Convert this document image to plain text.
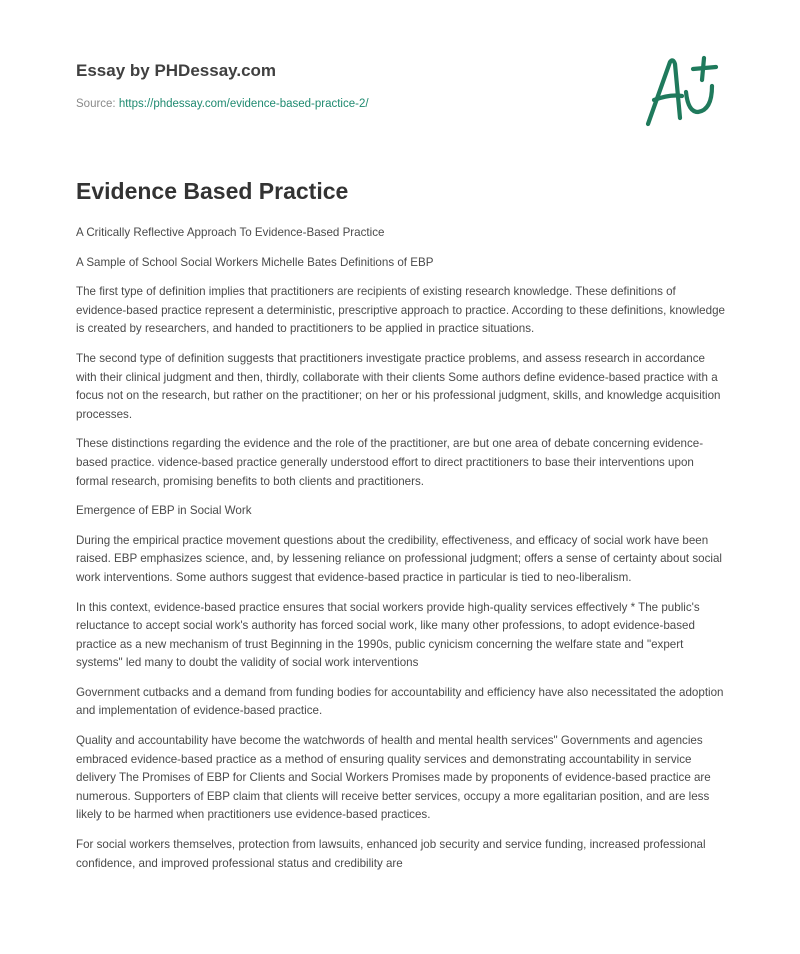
Essay by PHDessay.com
Source: https://phdessay.com/evidence-based-practice-2/
Evidence Based Practice

A Critically Reflective Approach To Evidence-Based Practice

A Sample of School Social Workers Michelle Bates Definitions of EBP

The first type of definition implies that practitioners are recipients of existing research knowledge. These definitions of evidence-based practice represent a deterministic, prescriptive approach to practice. According to these definitions, knowledge is created by researchers, and handed to practitioners to be applied in practice situations.

The second type of definition suggests that practitioners investigate practice problems, and assess research in accordance with their clinical judgment and then, thirdly, collaborate with their clients Some authors define evidence-based practice with a focus not on the research, but rather on the practitioner; on her or his professional judgment, skills, and knowledge acquisition processes.

These distinctions regarding the evidence and the role of the practitioner, are but one area of debate concerning evidence-based practice. vidence-based practice generally understood effort to direct practitioners to base their interventions upon formal research, promising benefits to both clients and practitioners.

Emergence of EBP in Social Work

During the empirical practice movement questions about the credibility, effectiveness, and efficacy of social work have been raised. EBP emphasizes science, and, by lessening reliance on professional judgment; offers a sense of certainty about social work interventions. Some authors suggest that evidence-based practice in particular is tied to neo-liberalism.

In this context, evidence-based practice ensures that social workers provide high-quality services effectively * The public's reluctance to accept social work's authority has forced social work, like many other professions, to adopt evidence-based practice as a new mechanism of trust Beginning in the 1990s, public cynicism concerning the welfare state and "expert systems" led many to doubt the validity of social work interventions

Government cutbacks and a demand from funding bodies for accountability and efficiency have also necessitated the adoption and implementation of evidence-based practice.

Quality and accountability have become the watchwords of health and mental health services" Governments and agencies embraced evidence-based practice as a method of ensuring quality services and demonstrating accountability in service delivery The Promises of EBP for Clients and Social Workers Promises made by proponents of evidence-based practice are numerous. Supporters of EBP claim that clients will receive better services, occupy a more egalitarian position, and are less likely to be harmed when practitioners use evidence-based practices.

For social workers themselves, protection from lawsuits, enhanced job security and service funding, increased professional confidence, and improved professional status and credibility are
